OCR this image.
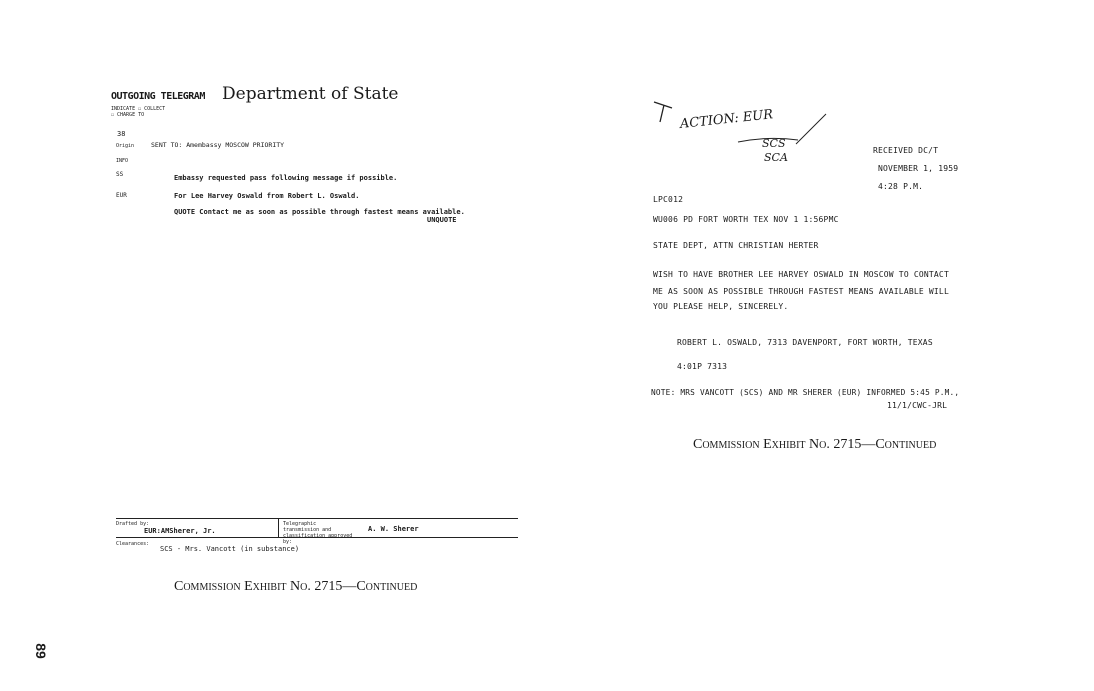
OUTGOING TELEGRAM Department of State
INDICATE ☐ COLLECT
☐ CHARGE TO
38
Origin
INFO
SS
EUR
SENT TO: Amembassy MOSCOW PRIORITY
Embassy requested pass following message if possible.
For Lee Harvey Oswald from Robert L. Oswald.
QUOTE Contact me as soon as possible through fastest means available.
UNQUOTE
Drafted by:
EUR:AMSherer, Jr.
Telegraphic transmission and classification approved by:
A. W. Sherer
Clearances:
SCS - Mrs. Vancott (in substance)
Commission Exhibit No. 2715—Continued
89
ACTION: EUR
SCS
SCA
RECEIVED DC/T
NOVEMBER 1, 1959
4:28 P.M.
LPC012
WU006 PD FORT WORTH TEX NOV 1 1:56PMC
STATE DEPT, ATTN CHRISTIAN HERTER
WISH TO HAVE BROTHER LEE HARVEY OSWALD IN MOSCOW TO CONTACT
ME AS SOON AS POSSIBLE THROUGH FASTEST MEANS AVAILABLE WILL
YOU PLEASE HELP, SINCERELY.
ROBERT L. OSWALD, 7313 DAVENPORT, FORT WORTH, TEXAS
4:01P 7313
NOTE: MRS VANCOTT (SCS) AND MR SHERER (EUR) INFORMED 5:45 P.M.,
11/1/CWC-JRL
Commission Exhibit No. 2715—Continued
